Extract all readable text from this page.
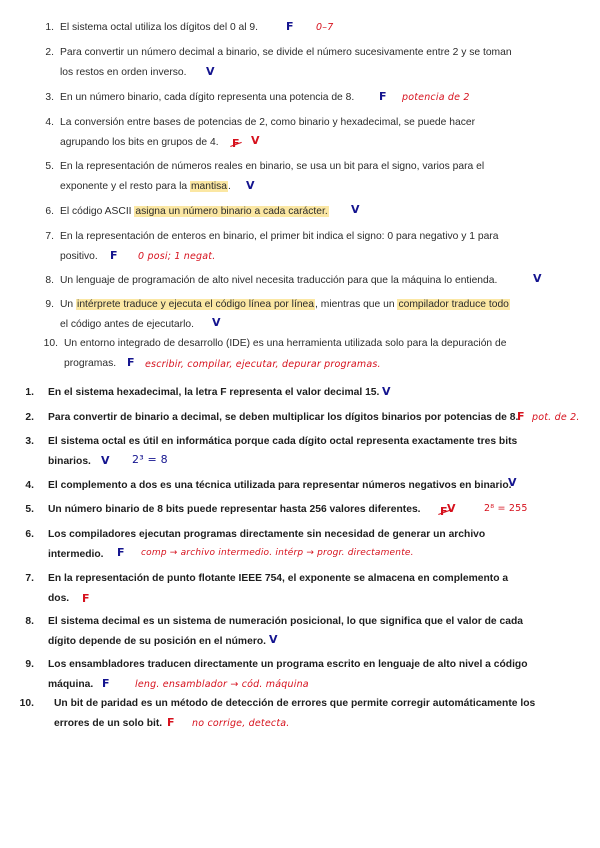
1. El sistema octal utiliza los dígitos del 0 al 9.	F 0–7
2. Para convertir un número decimal a binario, se divide el número sucesivamente entre 2 y se toman
los restos en orden inverso. V
3. En un número binario, cada dígito representa una potencia de 8. F potencia de 2
4. La conversión entre bases de potencias de 2, como binario y hexadecimal, se puede hacer
agrupando los bits en grupos de 4. $_F$ V
5. En la representación de números reales en binario, se usa un bit para el signo, varios para el
exponente y el resto para la mantisa. V
6. El código ASCII asigna un número binario a cada carácter. V
7. En la representación de enteros en binario, el primer bit indica el signo: 0 para negativo y 1 para
positivo. F 0 posi; 1 negat.
8. Un lenguaje de programación de alto nivel necesita traducción para que la máquina lo entienda.	V
9. Un intérprete traduce y ejecuta el código línea por línea, mientras que un compilador traduce todo
el código antes de ejecutarlo. V
10. Un entorno integrado de desarrollo (IDE) es una herramienta utilizada solo para la depuración de
programas. F escribir, compilar, ejecutar, depurar programas.
1. En el sistema hexadecimal, la letra F representa el valor decimal 15. V
2. Para convertir de binario a decimal, se deben multiplicar los dígitos binarios por potencias de 8.
F pot. de 2.
3. El sistema octal es útil en informática porque cada dígito octal representa exactamente tres bits
binarios. V 2³ = 8
4. El complemento a dos es una técnica utilizada para representar números negativos en binario.
V
5. Un número binario de 8 bits puede representar hasta 256 valores diferentes. $_F$ V	2⁸ = 255
6. Los compiladores ejecutan programas directamente sin necesidad de generar un archivo
intermedio. F comp → archivo intermedio. intérp → progr. directamente.
7. En la representación de punto flotante IEEE 754, el exponente se almacena en complemento a
dos. F
8. El sistema decimal es un sistema de numeración posicional, lo que significa que el valor de cada
dígito depende de su posición en el número. V
9. Los ensambladores traducen directamente un programa escrito en lenguaje de alto nivel a código
máquina. F	leng. ensamblador → cód. máquina
10. Un bit de paridad es un método de detección de errores que permite corregir automáticamente los
errores de un solo bit. F no corrige, detecta.
